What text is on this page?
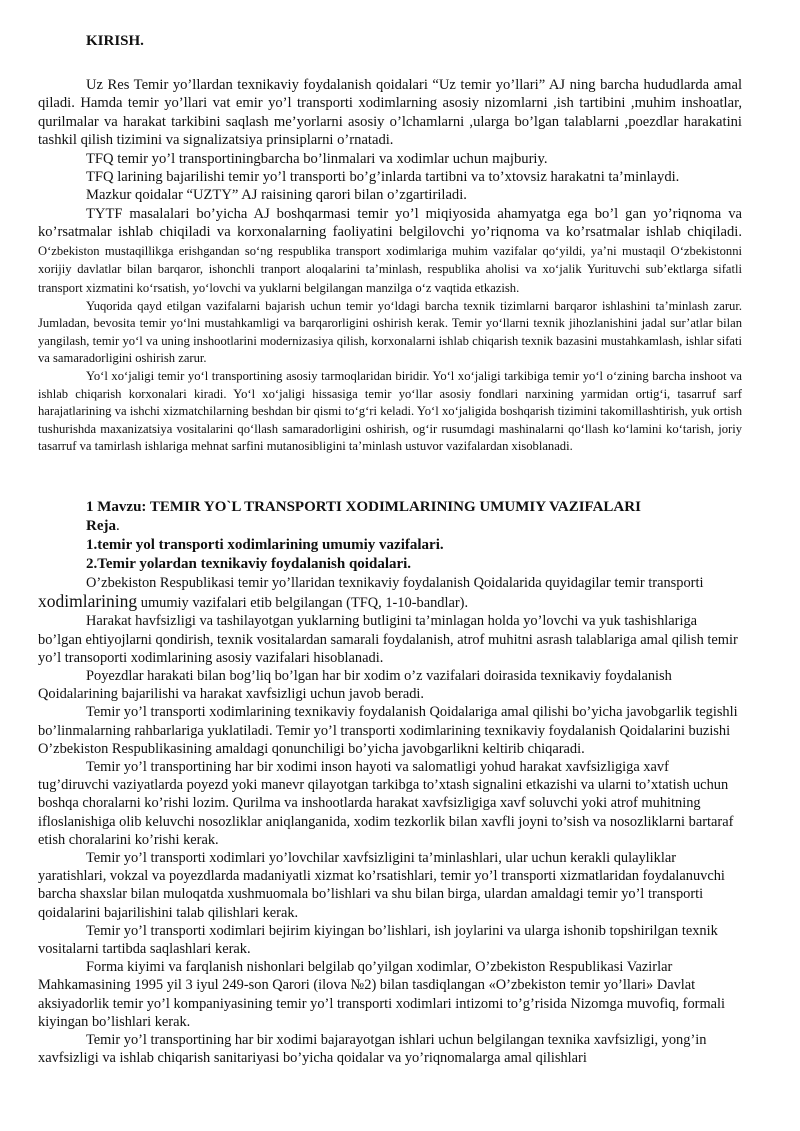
KIRISH.

Uz Res Temir yo’llardan texnikaviy foydalanish qoidalari “Uz temir yo’llari” AJ ning barcha hududlarda amal qiladi. Hamda temir yo’llari vat emir yo’l transporti xodimlarning asosiy nizomlarni ,ish tartibini ,muhim inshoatlar, qurilmalar va harakat tarkibini saqlash me’yorlarni asosiy o’lchamlarni ,ularga bo’lgan talablarni ,poezdlar harakatini tashkil qilish tizimini va signalizatsiya prinsiplarni o’rnatadi.

TFQ temir yo’l transportiningbarcha bo’linmalari va xodimlar uchun majburiy.

TFQ larining bajarilishi temir yo’l transporti bo’g’inlarda tartibni va to’xtovsiz harakatni ta’minlaydi.

Mazkur qoidalar “UZTY” AJ raisining qarori bilan o’zgartiriladi.

TYTF masalalari bo’yicha AJ boshqarmasi temir yo’l miqiyosida ahamyatga ega bo’l gan yo’riqnoma va ko’rsatmalar ishlab chiqiladi va korxonalarning faoliyatini belgilovchi yo’riqnoma va ko’rsatmalar ishlab chiqiladi. O‘zbekiston mustaqillikga erishgandan so‘ng respublika transport xodimlariga muhim vazifalar qo‘yildi, ya’ni mustaqil O‘zbekistonni xorijiy davlatlar bilan barqaror, ishonchli tranport aloqalarini ta’minlash, respublika aholisi va xo‘jalik Yurituvchi sub’ektlarga sifatli transport xizmatini ko‘rsatish, yo‘lovchi va yuklarni belgilangan manzilga o‘z vaqtida etkazish.

Yuqorida qayd etilgan vazifalarni bajarish uchun temir yo‘ldagi barcha texnik tizimlarni barqaror ishlashini ta’minlash zarur. Jumladan, bevosita temir yo‘lni mustahkamligi va barqarorligini oshirish kerak. Temir yo‘llarni texnik jihozlanishini jadal sur’atlar bilan yangilash, temir yo‘l va uning inshootlarini modernizasiya qilish, korxonalarni ishlab chiqarish texnik bazasini mustahkamlash, ishlar sifati va samaradorligini oshirish zarur.

Yo‘l xo‘jaligi temir yo‘l transportining asosiy tarmoqlaridan biridir. Yo‘l xo‘jaligi tarkibiga temir yo‘l o‘zining barcha inshoot va ishlab chiqarish korxonalari kiradi. Yo‘l xo‘jaligi hissasiga temir yo‘llar asosiy fondlari narxining yarmidan ortig‘i, tasarruf sarf harajatlarining va ishchi xizmatchilarning beshdan bir qismi to‘g‘ri keladi. Yo‘l xo‘jaligida boshqarish tizimini takomillashtirish, yuk ortish tushurishda maxanizatsiya vositalarini qo‘llash samaradorligini oshirish, og‘ir rusumdagi mashinalarni qo‘llash ko‘lamini ko‘tarish, joriy tasarruf va tamirlash ishlariga mehnat sarfini mutanosibligini ta’minlash ustuvor vazifalardan xisoblanadi.

1 Mavzu: TEMIR YO`L TRANSPORTI XODIMLARINING UMUMIY VAZIFALARI

Reja.

1.temir yol transporti xodimlarining umumiy vazifalari.

2.Temir yolardan texnikaviy foydalanish qoidalari.

O’zbekiston Respublikasi temir yo’llaridan texnikaviy foydalanish Qoidalarida quyidagilar temir transporti xodimlarining umumiy vazifalari etib belgilangan (TFQ, 1-10-bandlar).

Harakat havfsizligi va tashilayotgan yuklarning butligini ta’minlagan holda yo’lovchi va yuk tashishlariga bo’lgan ehtiyojlarni qondirish, texnik vositalardan samarali foydalanish, atrof muhitni asrash talablariga amal qilish temir yo’l transoporti xodimlarining asosiy vazifalari hisoblanadi.

Poyezdlar harakati bilan bog’liq bo’lgan har bir xodim o’z vazifalari doirasida texnikaviy foydalanish Qoidalarining bajarilishi va harakat xavfsizligi uchun javob beradi.

Temir yo’l transporti xodimlarining texnikaviy foydalanish Qoidalariga amal qilishi bo’yicha javobgarlik tegishli bo’linmalarning rahbarlariga yuklatiladi. Temir yo’l transporti xodimlarining texnikaviy foydalanish Qoidalarini buzishi O’zbekiston Respublikasining amaldagi qonunchiligi bo’yicha javobgarlikni keltirib chiqaradi.

Temir yo’l transportining har bir xodimi inson hayoti va salomatligi yohud harakat xavfsizligiga xavf tug’diruvchi vaziyatlarda poyezd yoki manevr qilayotgan tarkibga to’xtash signalini etkazishi va ularni to’xtatish uchun boshqa choralarni ko’rishi lozim. Qurilma va inshootlarda harakat xavfsizligiga xavf soluvchi yoki atrof muhitning ifloslanishiga olib keluvchi nosozliklar aniqlanganida, xodim tezkorlik bilan xavfli joyni to’sish va nosozliklarni bartaraf etish choralarini ko’rishi kerak.

Temir yo’l transporti xodimlari yo’lovchilar xavfsizligini ta’minlashlari, ular uchun kerakli qulayliklar yaratishlari, vokzal va poyezdlarda madaniyatli xizmat ko’rsatishlari, temir yo’l transporti xizmatlaridan foydalanuvchi barcha shaxslar bilan muloqatda xushmuomala bo’lishlari va shu bilan birga, ulardan amaldagi temir yo’l transporti qoidalarini bajarilishini talab qilishlari kerak.

Temir yo’l transporti xodimlari bejirim kiyingan bo’lishlari, ish joylarini va ularga ishonib topshirilgan texnik vositalarni tartibda saqlashlari kerak.

Forma kiyimi va farqlanish nishonlari belgilab qo’yilgan xodimlar, O’zbekiston Respublikasi Vazirlar Mahkamasining 1995 yil 3 iyul 249-son Qarori (ilova №2) bilan tasdiqlangan «O’zbekiston temir yo’llari» Davlat aksiyadorlik temir yo’l kompaniyasining temir yo’l transporti xodimlari intizomi to’g’risida Nizomga muvofiq, formali kiyingan bo’lishlari kerak.

Temir yo’l transportining har bir xodimi bajarayotgan ishlari uchun belgilangan texnika xavfsizligi, yong’in xavfsizligi va ishlab chiqarish sanitariyasi bo’yicha qoidalar va yo’riqnomalarga amal qilishlari
